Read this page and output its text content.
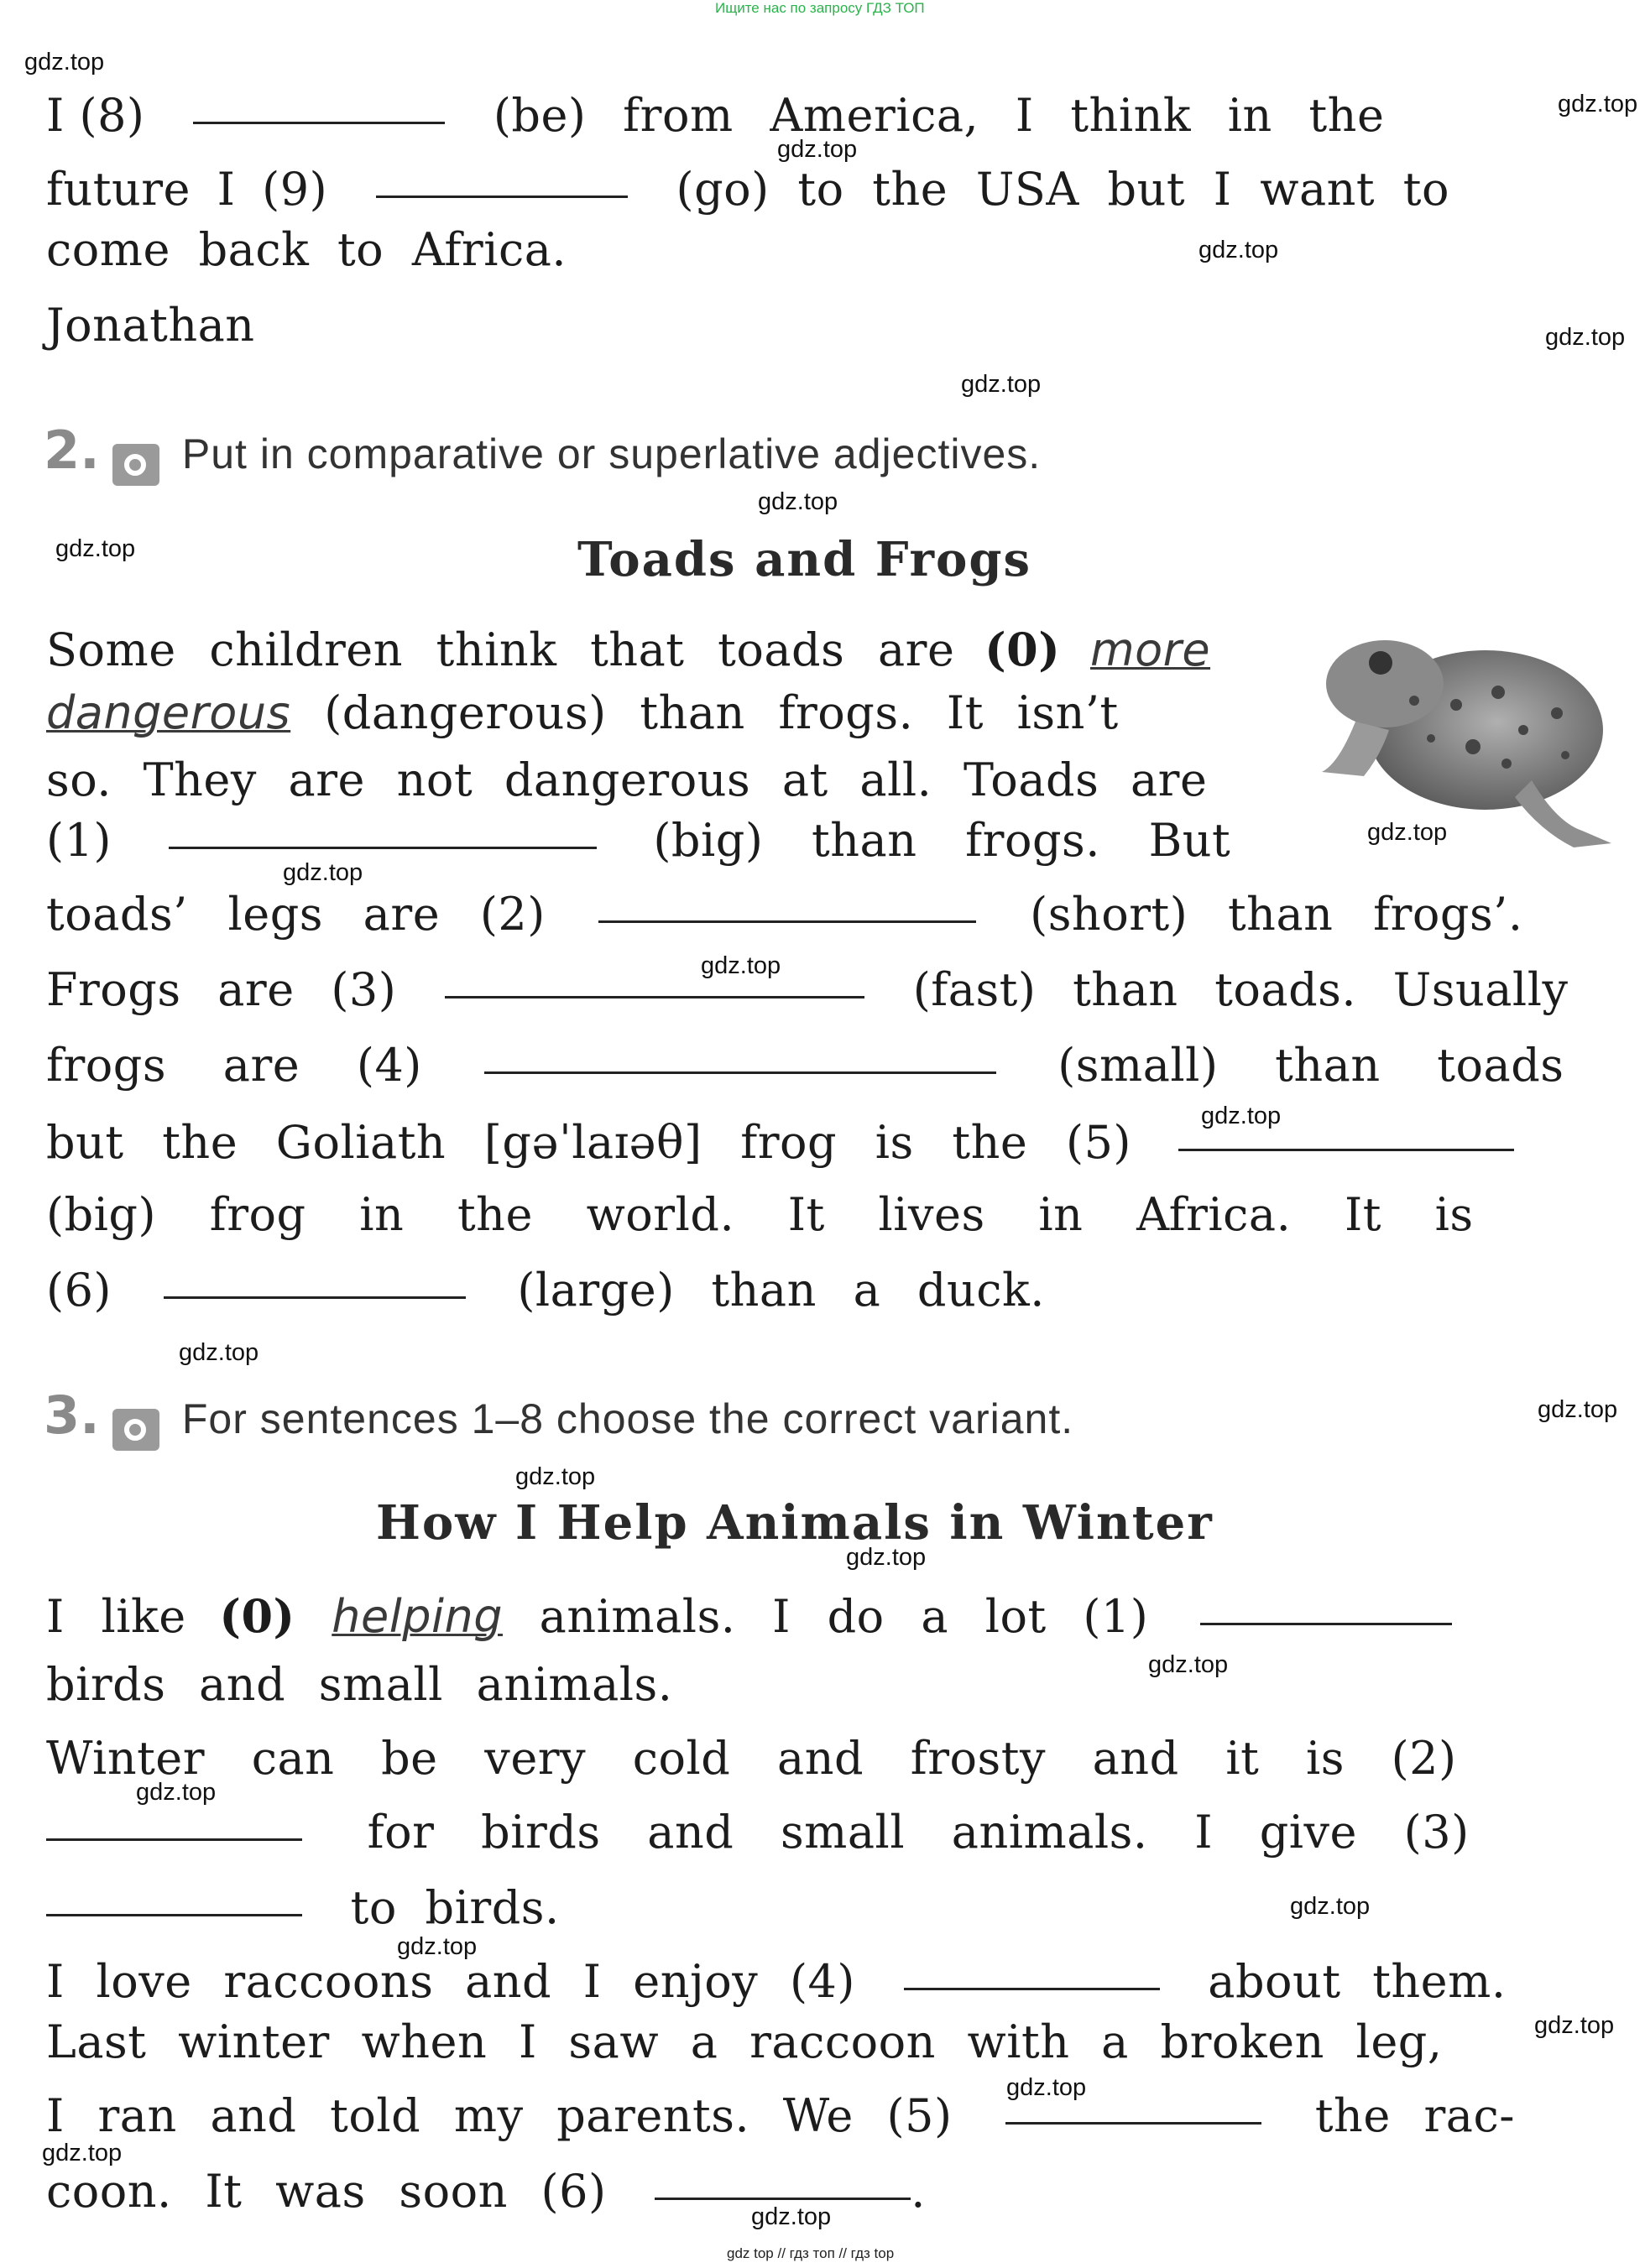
Ищите нас по запросу ГДЗ ТОП
gdz.top
gdz.top
gdz.top
gdz.top
gdz.top
gdz.top
gdz.top
gdz.top
gdz.top
gdz.top
gdz.top
gdz.top
gdz.top
gdz.top
gdz.top
gdz.top
gdz.top
gdz.top
gdz.top
gdz.top
gdz.top
gdz.top
gdz.top
gdz.top
I (8)	(be) from America, I think in the
future I (9)	(go) to the USA but I want to
come back to Africa.
Jonathan
2. Put in comparative or superlative adjectives.
Toads and Frogs
Some children think that toads are (0) more
dangerous (dangerous) than frogs. It isn’t
so. They are not dangerous at all. Toads are
(1)	(big) than frogs. But
toads’ legs are (2)	(short) than frogs’.
Frogs are (3)	(fast) than toads. Usually
frogs are (4)	(small) than toads
but the Goliath [gəˈlaɪəθ] frog is the (5)
(big) frog in the world. It lives in Africa. It is
(6)	(large) than a duck.
3. For sentences 1–8 choose the correct variant.
How I Help Animals in Winter
I like (0) helping animals. I do a lot (1)
birds and small animals.
Winter can be very cold and frosty and it is (2)
for birds and small animals. I give (3)
to birds.
I love raccoons and I enjoy (4)	about them.
Last winter when I saw a raccoon with a broken leg,
I ran and told my parents. We (5)	the rac-
coon. It was soon (6)	.
gdz top // гдз топ // гдз top
